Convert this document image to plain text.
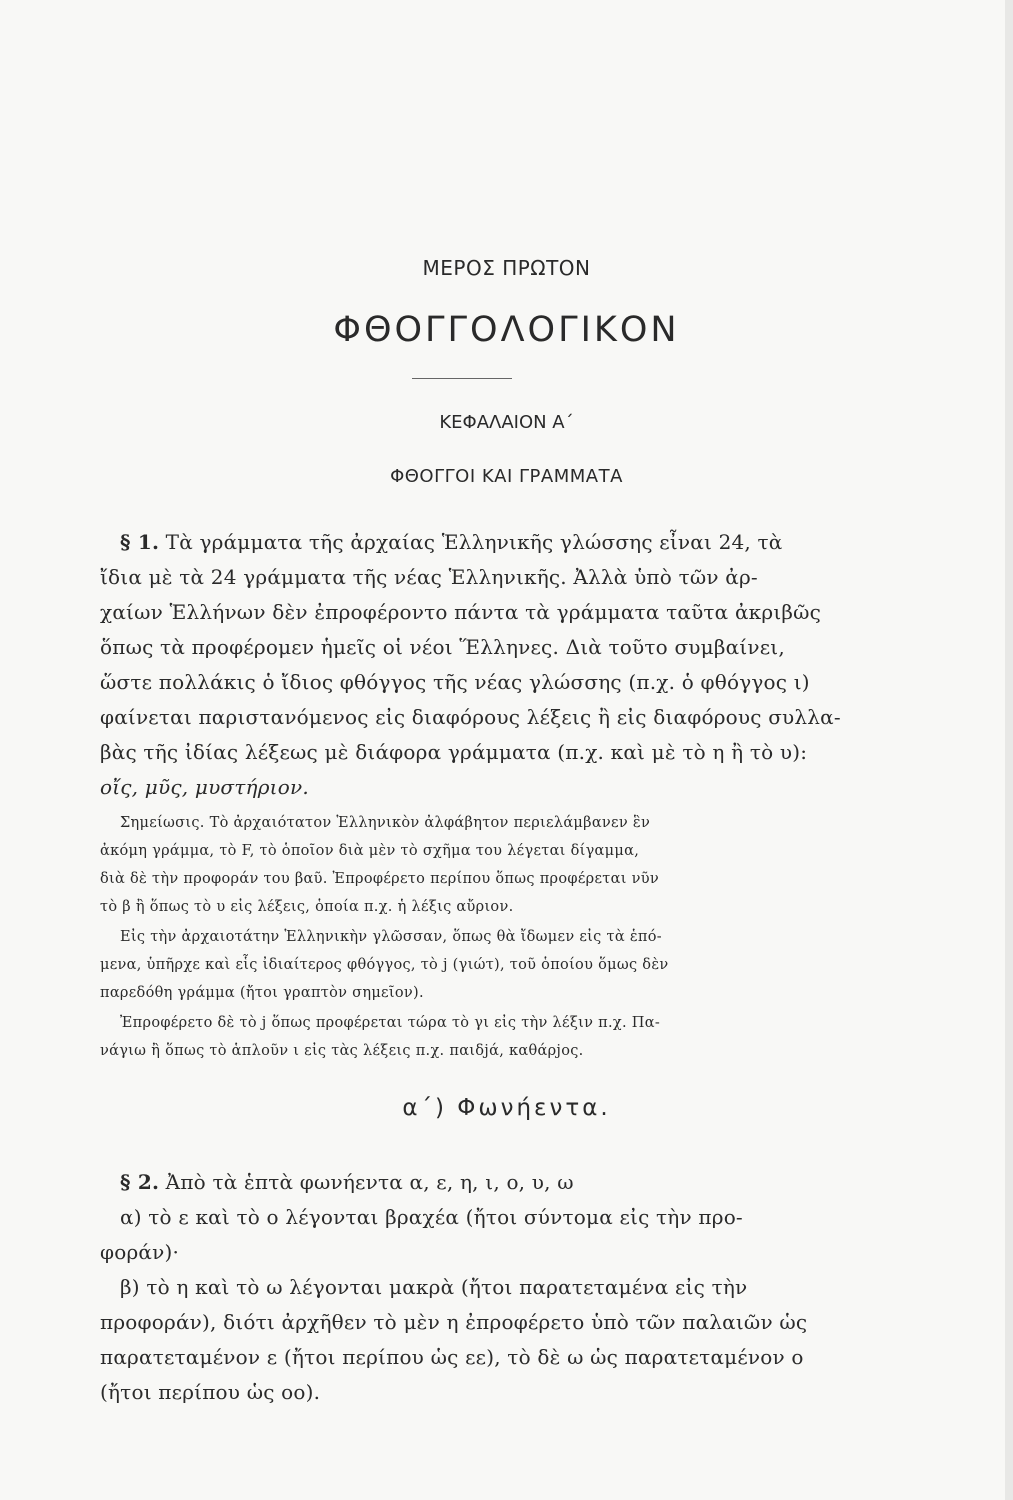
ΜΕΡΟΣ ΠΡΩΤΟΝ
ΦΘΟΓΓΟΛΟΓΙΚΟΝ
ΚΕΦΑΛΑΙΟΝ Α΄
ΦΘΟΓΓΟΙ ΚΑΙ ΓΡΑΜΜΑΤΑ
§ 1. Τὰ γράμματα τῆς ἀρχαίας Ἑλληνικῆς γλώσσης εἶναι 24, τὰ
ἴδια μὲ τὰ 24 γράμματα τῆς νέας Ἑλληνικῆς. Ἀλλὰ ὑπὸ τῶν ἀρ-
χαίων Ἑλλήνων δὲν ἐπροφέροντο πάντα τὰ γράμματα ταῦτα ἀκριβῶς
ὅπως τὰ προφέρομεν ἡμεῖς οἱ νέοι Ἕλληνες. Διὰ τοῦτο συμβαίνει,
ὥστε πολλάκις ὁ ἴδιος φθόγγος τῆς νέας γλώσσης (π.χ. ὁ φθόγγος ι)
φαίνεται παριστανόμενος εἰς διαφόρους λέξεις ἢ εἰς διαφόρους συλλα-
βὰς τῆς ἰδίας λέξεως μὲ διάφορα γράμματα (π.χ. καὶ μὲ τὸ η ἢ τὸ υ):
οἴς, μῦς, μυστήριον.
Σημείωσις. Τὸ ἀρχαιότατον Ἑλληνικὸν ἀλφάβητον περιελάμβανεν ἓν
ἀκόμη γράμμα, τὸ F, τὸ ὁποῖον διὰ μὲν τὸ σχῆμα του λέγεται δίγαμμα,
διὰ δὲ τὴν προφοράν του βαῦ. Ἐπροφέρετο περίπου ὅπως προφέρεται νῦν
τὸ β ἢ ὅπως τὸ υ εἰς λέξεις, ὁποία π.χ. ἡ λέξις αὔριον.
Εἰς τὴν ἀρχαιοτάτην Ἑλληνικὴν γλῶσσαν, ὅπως θὰ ἴδωμεν εἰς τὰ ἑπό-
μενα, ὑπῆρχε καὶ εἷς ἰδιαίτερος φθόγγος, τὸ j (γιώτ), τοῦ ὁποίου ὅμως δὲν
παρεδόθη γράμμα (ἤτοι γραπτὸν σημεῖον).
Ἐπροφέρετο δὲ τὸ j ὅπως προφέρεται τώρα τὸ γι εἰς τὴν λέξιν π.χ. Πα-
νάγιω ἢ ὅπως τὸ ἁπλοῦν ι εἰς τὰς λέξεις π.χ. παιδjά, καθάρjος.
α΄) Φωνήεντα.
§ 2. Ἀπὸ τὰ ἑπτὰ φωνήεντα α, ε, η, ι, ο, υ, ω
α) τὸ ε καὶ τὸ ο λέγονται βραχέα (ἤτοι σύντομα εἰς τὴν προ-
φοράν)·
β) τὸ η καὶ τὸ ω λέγονται μακρὰ (ἤτοι παρατεταμένα εἰς τὴν
προφοράν), διότι ἀρχῆθεν τὸ μὲν η ἐπροφέρετο ὑπὸ τῶν παλαιῶν ὡς
παρατεταμένον ε (ἤτοι περίπου ὡς εε), τὸ δὲ ω ὡς παρατεταμένον ο
(ἤτοι περίπου ὡς οο).
